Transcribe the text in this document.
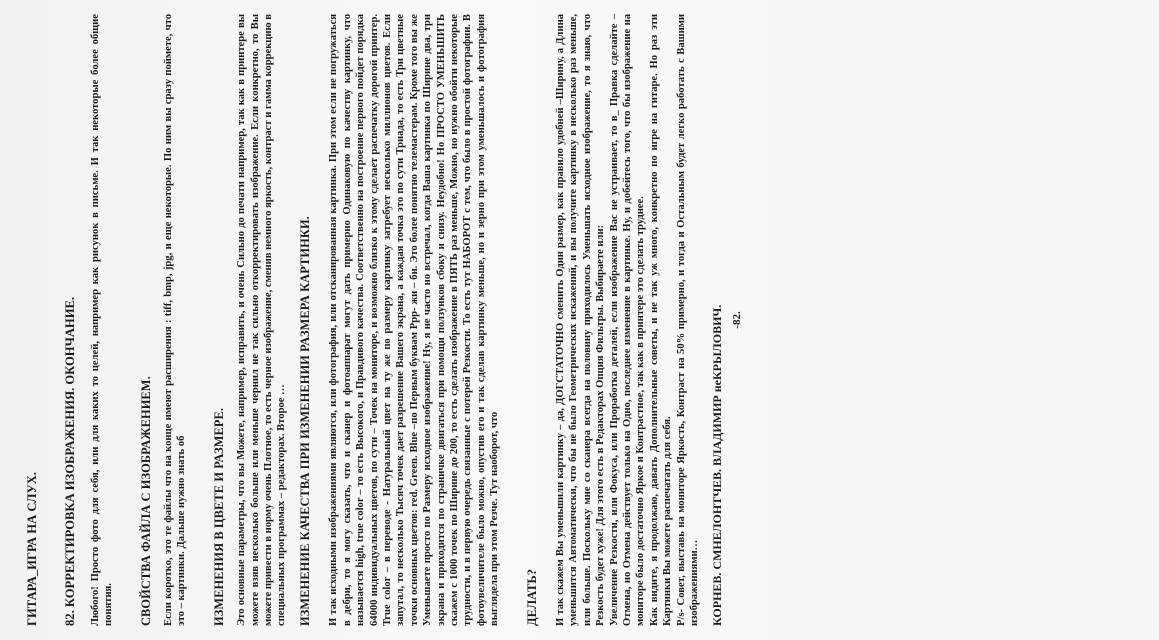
ГИТАРА_ИГРА НА СЛУХ. 82. КОРРЕКТИРОВКА ИЗОБРАЖЕНИЯ. ОКОНЧАНИЕ. Любого! Просто фото для себя, или для каких то целей, например как рисунок в письме. И так некоторые более общие понятия. СВОЙСТВА ФАЙЛА С ИЗОБРАЖЕНИЕМ. Если коротко, это те файлы что на конце имеют расширения : tiff, bmp, jpg, и еще некоторые. По ним вы сразу поймете, что это – картинки. Дальше нужно знать об ИЗМЕНЕНИЯ В ЦВЕТЕ И РАЗМЕРЕ. Это основные параметры, что вы Можете, например, исправить, и очень Сильно до печати например, так как в принтере вы можете взяв несколько больше или меньше чернил не так сильно откорректировать изображение. Если конкретно, то Вы можете привести в норму очень Плотное, то есть черное изображение, сменив немного яркость, контраст и гамма коррекцию в специальных программах – редакторах. Второе … ИЗМЕНЕНИЕ КАЧЕСТВА ПРИ ИЗМЕНЕНИИ РАЗМЕРА КАРТИНКИ. И так исходными изображениями являются, или фотография, или отсканированная картинка. При этом если не погружаться в дебри, то я могу сказать, что и сканер и фотоаппарат могут дать примерно Одинаковую по качеству картинку, что называется high, true color – то есть Высокого, и Правдивого качества. Соответственно на построение первого пойдет порядка 64000 индивидуальных цветов, по сути – Точек на мониторе, и возможно близко к этому сделает распечатку дорогой принтер. True color – в переводе - Натуральный цвет на ту же по размеру картинку затребует несколько миллионов цветов. Если запутал, то несколько Тысяч точек дает разрешение Вашего экрана, а каждая точка это по сути Триада, то есть Три цветные точки основных цветов: red. Green. Blue –по Первым буквам Ррр- жи – би. Это более понятно телемастерам. Кроме того вы же Уменьшаете просто по Размеру исходное изображение! Ну, я не часто но встречал, когда Ваша картинка по Ширине два, три экрана и приходится по страничке двигаться при помощи ползунков сбоку и снизу. Неудобно! Но ПРОСТО УМЕНЬШИТЬ скажем с 1000 точек по Ширине до 200, то есть сделать изображение в ПЯТЬ раз меньше, Можно, но нужно обойти некоторые трудности, и в первую очередь связанные с потерей Резкости. То есть тут НАБОРОТ с тем, что было в простой фотографии. В фотоувеличителе было можно, опустив его и так сделав картинку меньше, но и зерно при этом уменьшалось и фотография выглядела при этом Резче. Тут наоборот, что ДЕЛАТЬ? И так скажем Вы уменьшили картинку – да, ДОГСТАТОЧНО сменить Один размер, как правило удобней –Ширину, а Длина уменьшится Автоматически, что бы не было Геометрических искажений, и вы получите картинку в несколько раз меньше, или больше. Поскольку мне со сканера всегда на половину приходилось Уменьшать исходное изображение, то я знаю, что Резкость будет хуже! Для этого есть в Редакторах Опция Фильтры. Выбираете или: Увеличение Резкости, или Фокуса, или Проработка деталей, если изображение Вас не устраивает, то в_ Правка сделайте –Отмена, но Отмена действует только на Одно, последнее изменение в картинке. Ну, и добейтесь того, что бы изображение на мониторе было достаточно Яркое и Контрастное, так как в принтере это сделать труднее. Как видите, я продолжаю, давать Дополнительные советы, и не так уж много, конкретно по игре на гитаре. Но раз эти Картинки Вы можете распечатать для себя. P/s- Совет, выставь на мониторе Яркость, Контраст на 50% примерно, и тогда и Остальным будет легко работать с Вашими изображениями… КОРНЕВ. СМНЕЛОНТЧЕВ. ВЛАДИМИР неКРЫЛОВИЧ. -82.
